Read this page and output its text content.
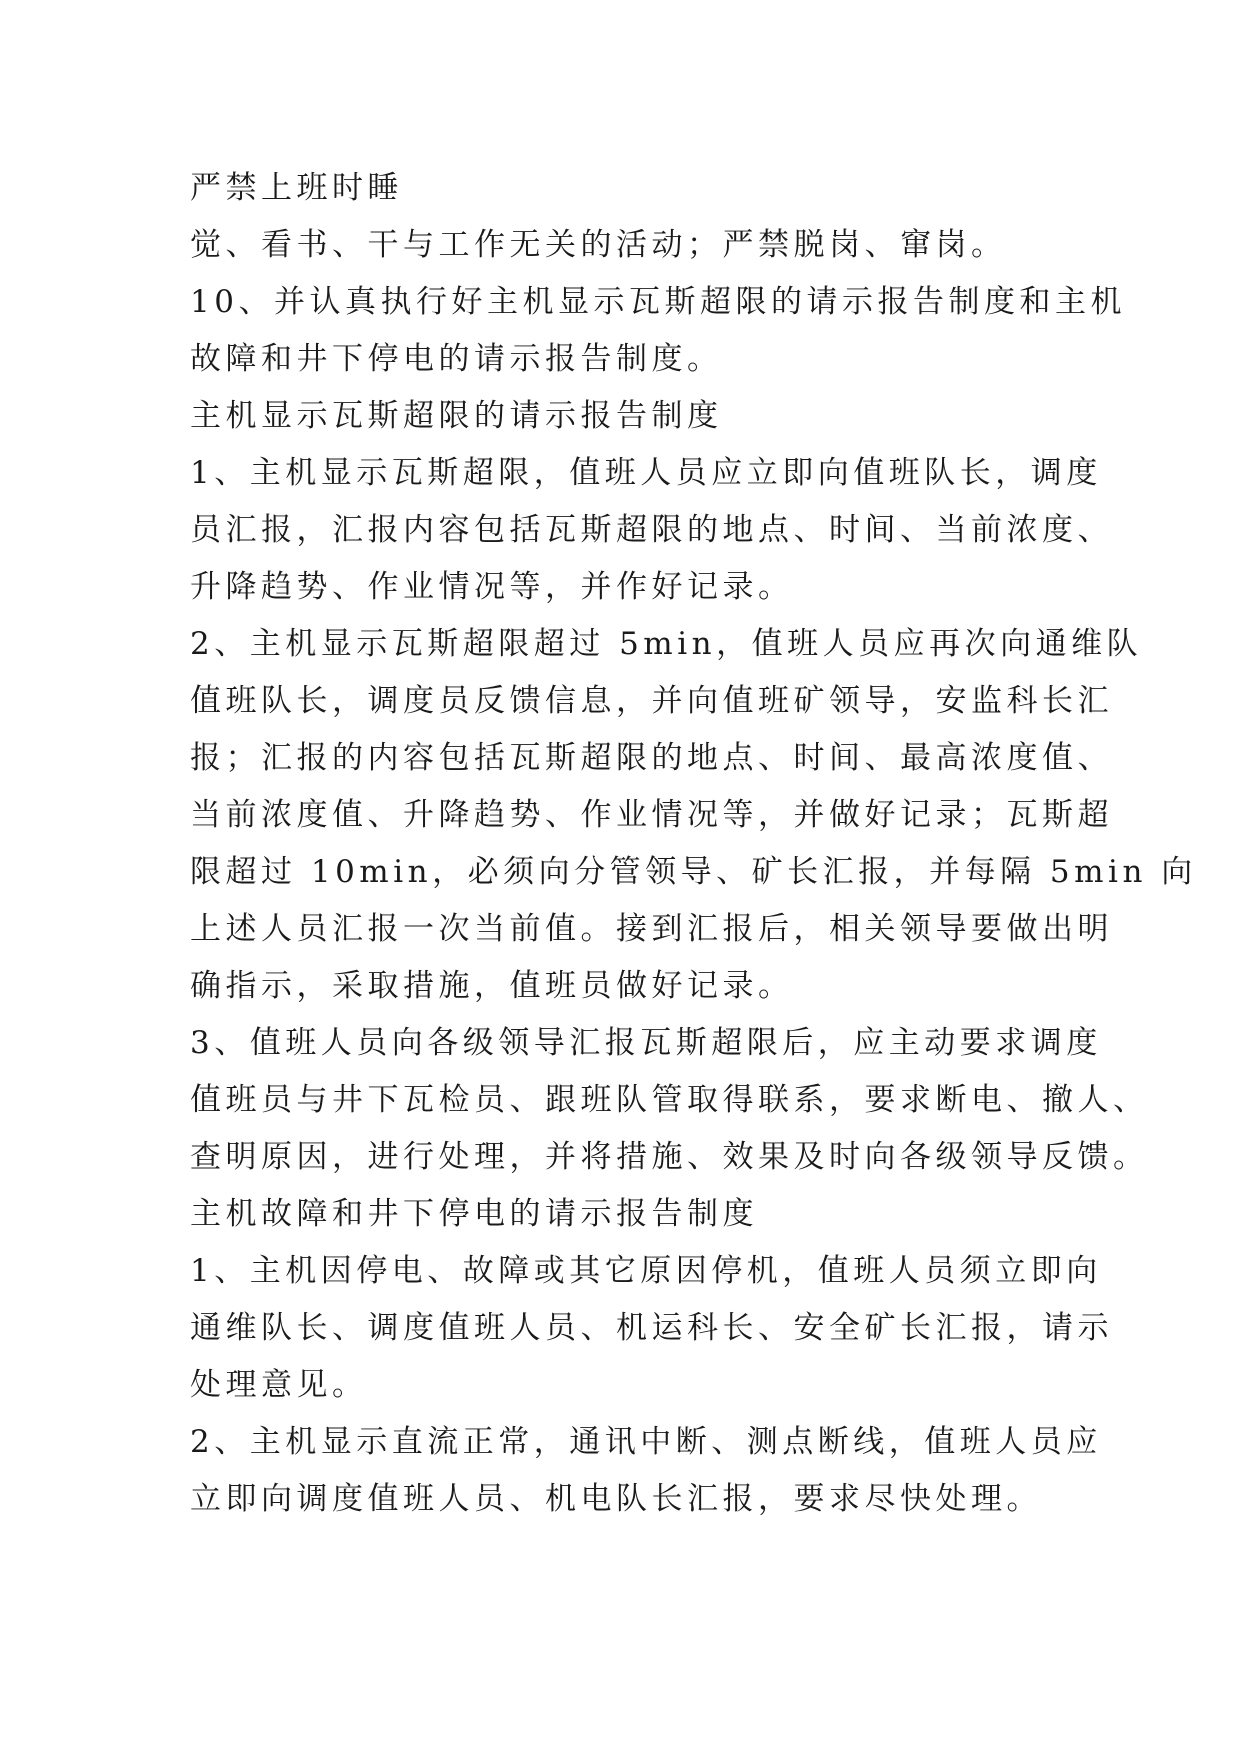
严禁上班时睡
觉、看书、干与工作无关的活动；严禁脱岗、窜岗。
10、并认真执行好主机显示瓦斯超限的请示报告制度和主机
故障和井下停电的请示报告制度。
主机显示瓦斯超限的请示报告制度
1、主机显示瓦斯超限，值班人员应立即向值班队长，调度
员汇报，汇报内容包括瓦斯超限的地点、时间、当前浓度、
升降趋势、作业情况等，并作好记录。
2、主机显示瓦斯超限超过 5min，值班人员应再次向通维队
值班队长，调度员反馈信息，并向值班矿领导，安监科长汇
报；汇报的内容包括瓦斯超限的地点、时间、最高浓度值、
当前浓度值、升降趋势、作业情况等，并做好记录；瓦斯超
限超过 10min，必须向分管领导、矿长汇报，并每隔 5min 向
上述人员汇报一次当前值。接到汇报后，相关领导要做出明
确指示，采取措施，值班员做好记录。
3、值班人员向各级领导汇报瓦斯超限后，应主动要求调度
值班员与井下瓦检员、跟班队管取得联系，要求断电、撤人、
查明原因，进行处理，并将措施、效果及时向各级领导反馈。
主机故障和井下停电的请示报告制度
1、主机因停电、故障或其它原因停机，值班人员须立即向
通维队长、调度值班人员、机运科长、安全矿长汇报，请示
处理意见。
2、主机显示直流正常，通讯中断、测点断线，值班人员应
立即向调度值班人员、机电队长汇报，要求尽快处理。
